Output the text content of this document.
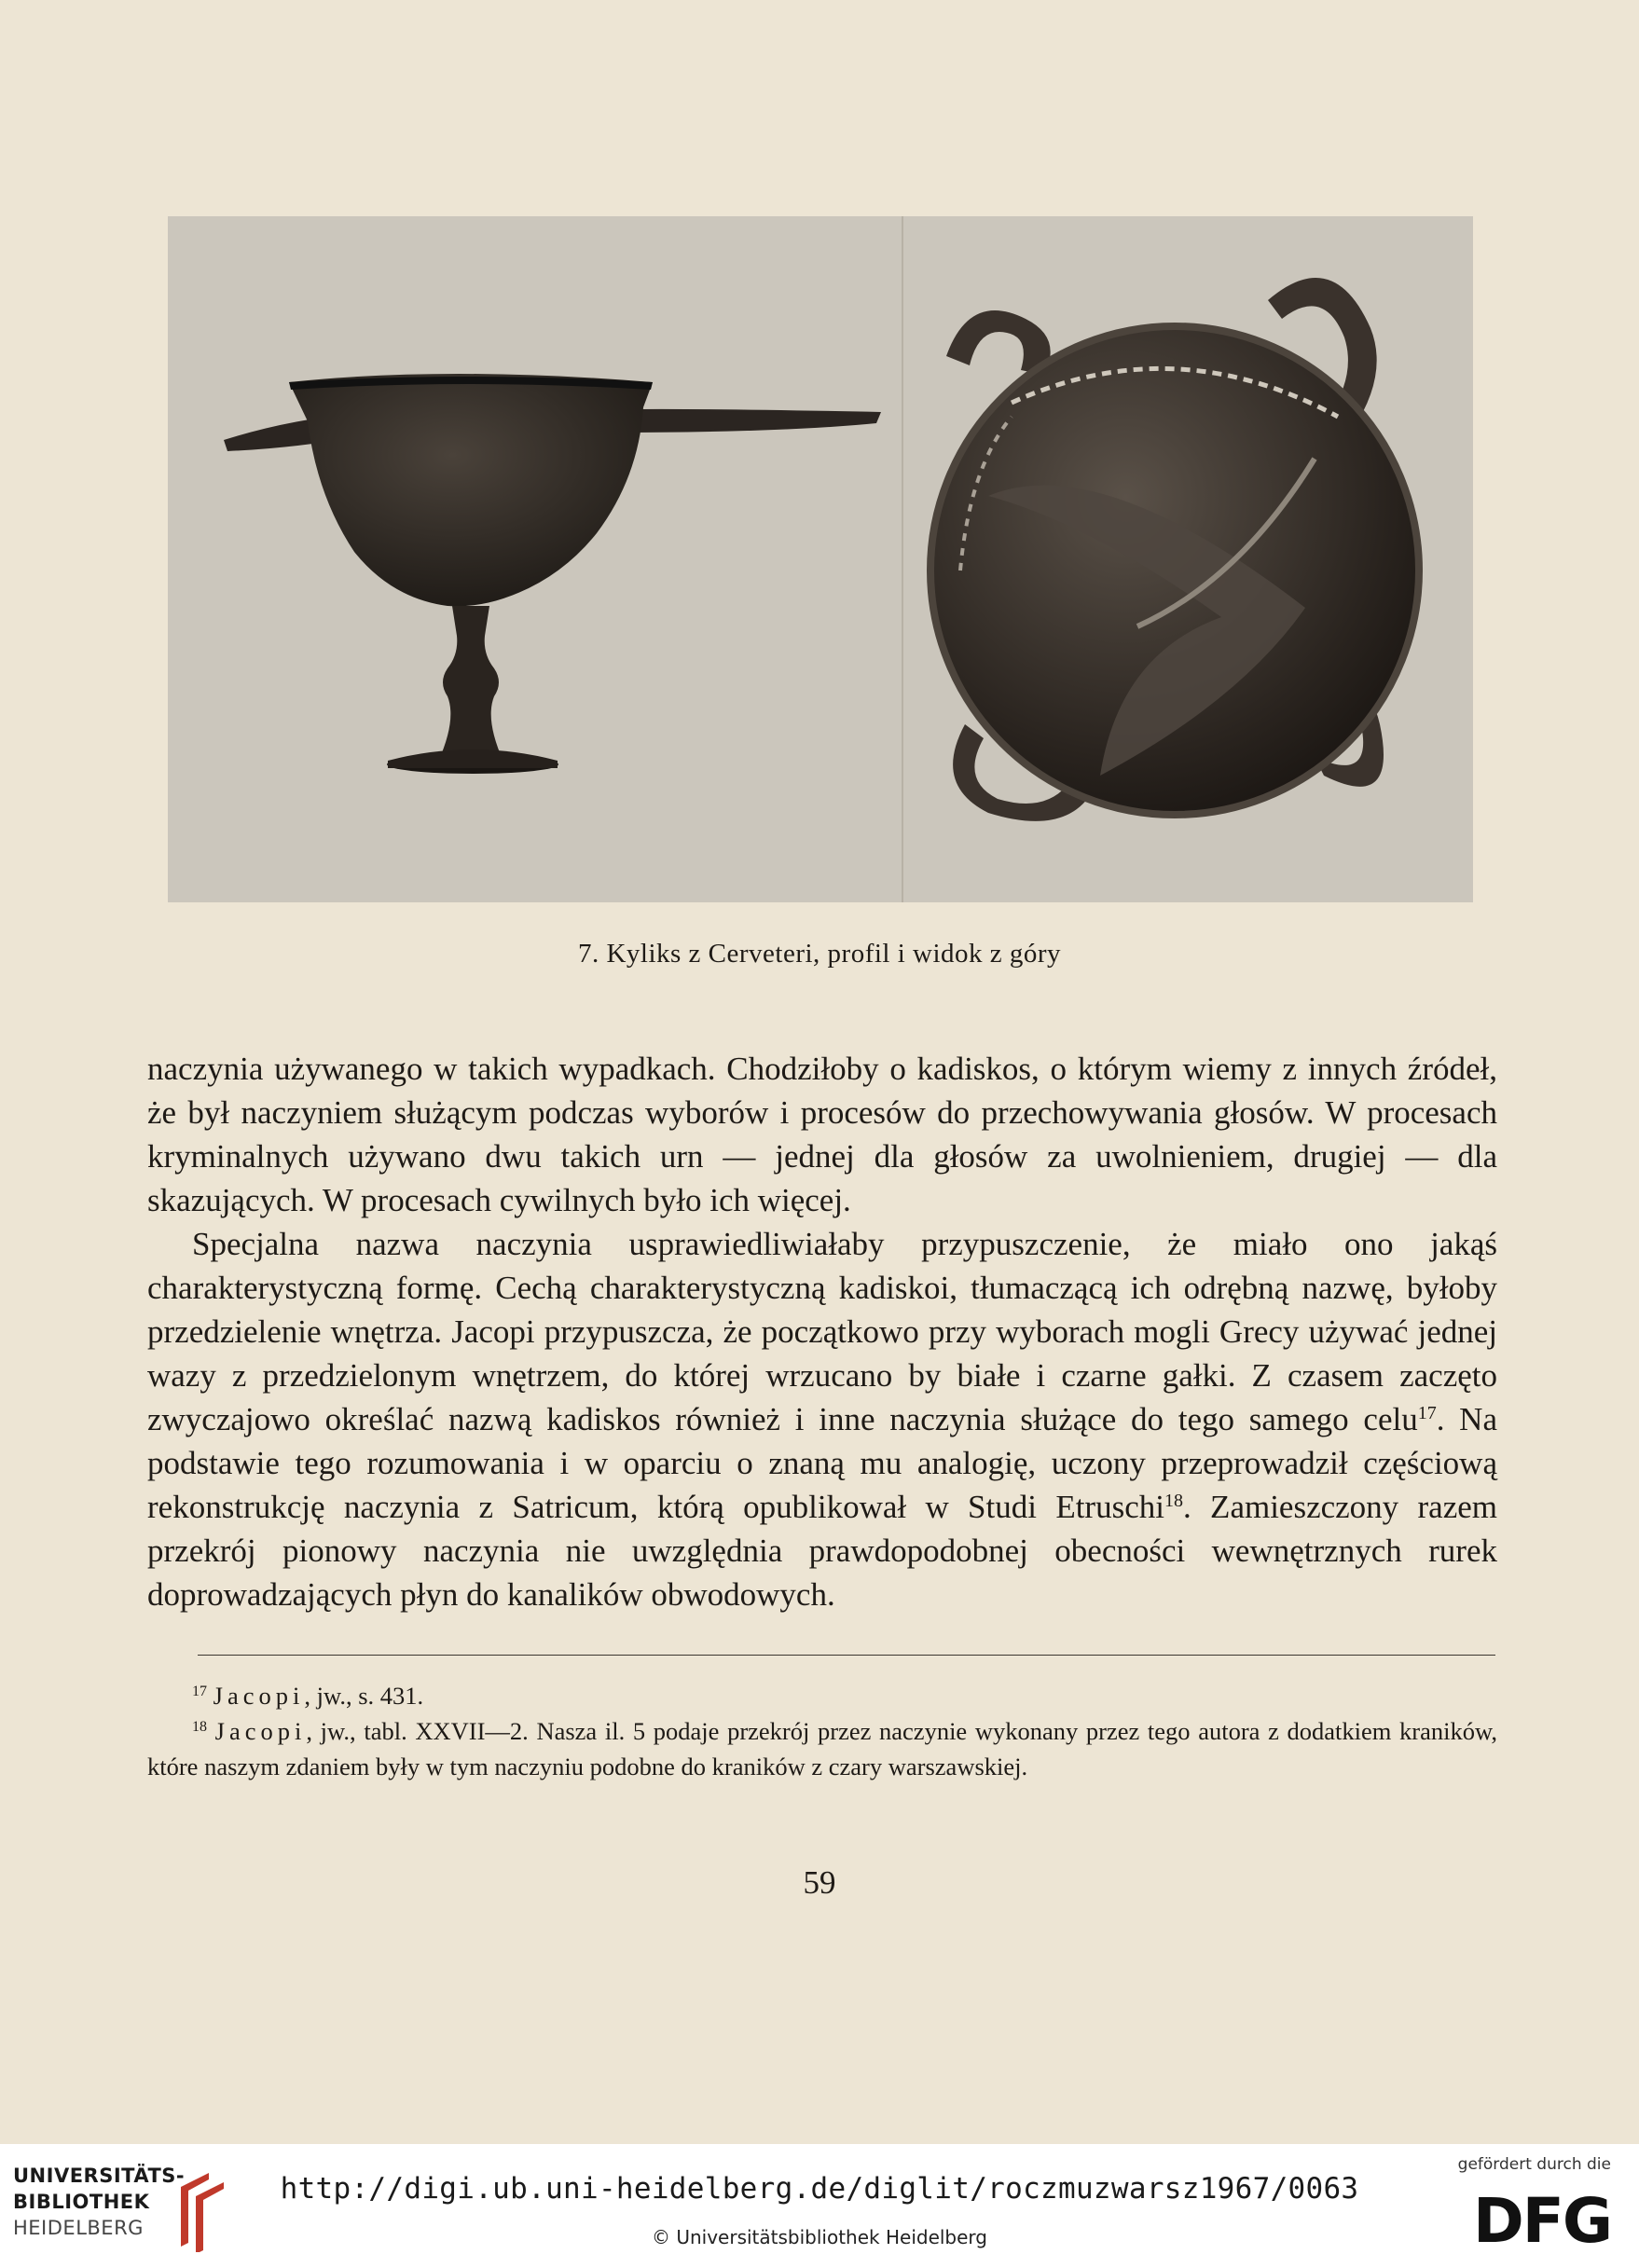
7. Kyliks z Cerveteri, profil i widok z góry

naczynia używanego w takich wypadkach. Chodziłoby o kadiskos, o którym wiemy z innych źródeł, że był naczyniem służącym podczas wyborów i procesów do przechowywania głosów. W procesach kryminalnych używano dwu takich urn — jednej dla głosów za uwolnieniem, drugiej — dla skazujących. W procesach cywilnych było ich więcej.

Specjalna nazwa naczynia usprawiedliwiałaby przypuszczenie, że miało ono jakąś charakterystyczną formę. Cechą charakterystyczną kadiskoi, tłumaczącą ich odrębną nazwę, byłoby przedzielenie wnętrza. Jacopi przypuszcza, że początkowo przy wyborach mogli Grecy używać jednej wazy z przedzielonym wnętrzem, do której wrzucano by białe i czarne gałki. Z czasem zaczęto zwyczajowo określać nazwą kadiskos również i inne naczynia służące do tego samego celu$^{17}$. Na podstawie tego rozumowania i w oparciu o znaną mu analogię, uczony przeprowadził częściową rekonstrukcję naczynia z Satricum, którą opublikował w Studi Etruschi$^{18}$. Zamieszczony razem przekrój pionowy naczynia nie uwzględnia prawdopodobnej obecności wewnętrznych rurek doprowadzających płyn do kanalików obwodowych.

$^{17}$ Jacopi, jw., s. 431.

$^{18}$ Jacopi, jw., tabl. XXVII—2. Nasza il. 5 podaje przekrój przez naczynie wykonany przez tego autora z dodatkiem kraników, które naszym zdaniem były w tym naczyniu podobne do kraników z czary warszawskiej.

59
UNIVERSITÄTS-
BIBLIOTHEK
HEIDELBERG
http://digi.ub.uni-heidelberg.de/diglit/roczmuzwarsz1967/0063
© Universitätsbibliothek Heidelberg
gefördert durch die
DFG
